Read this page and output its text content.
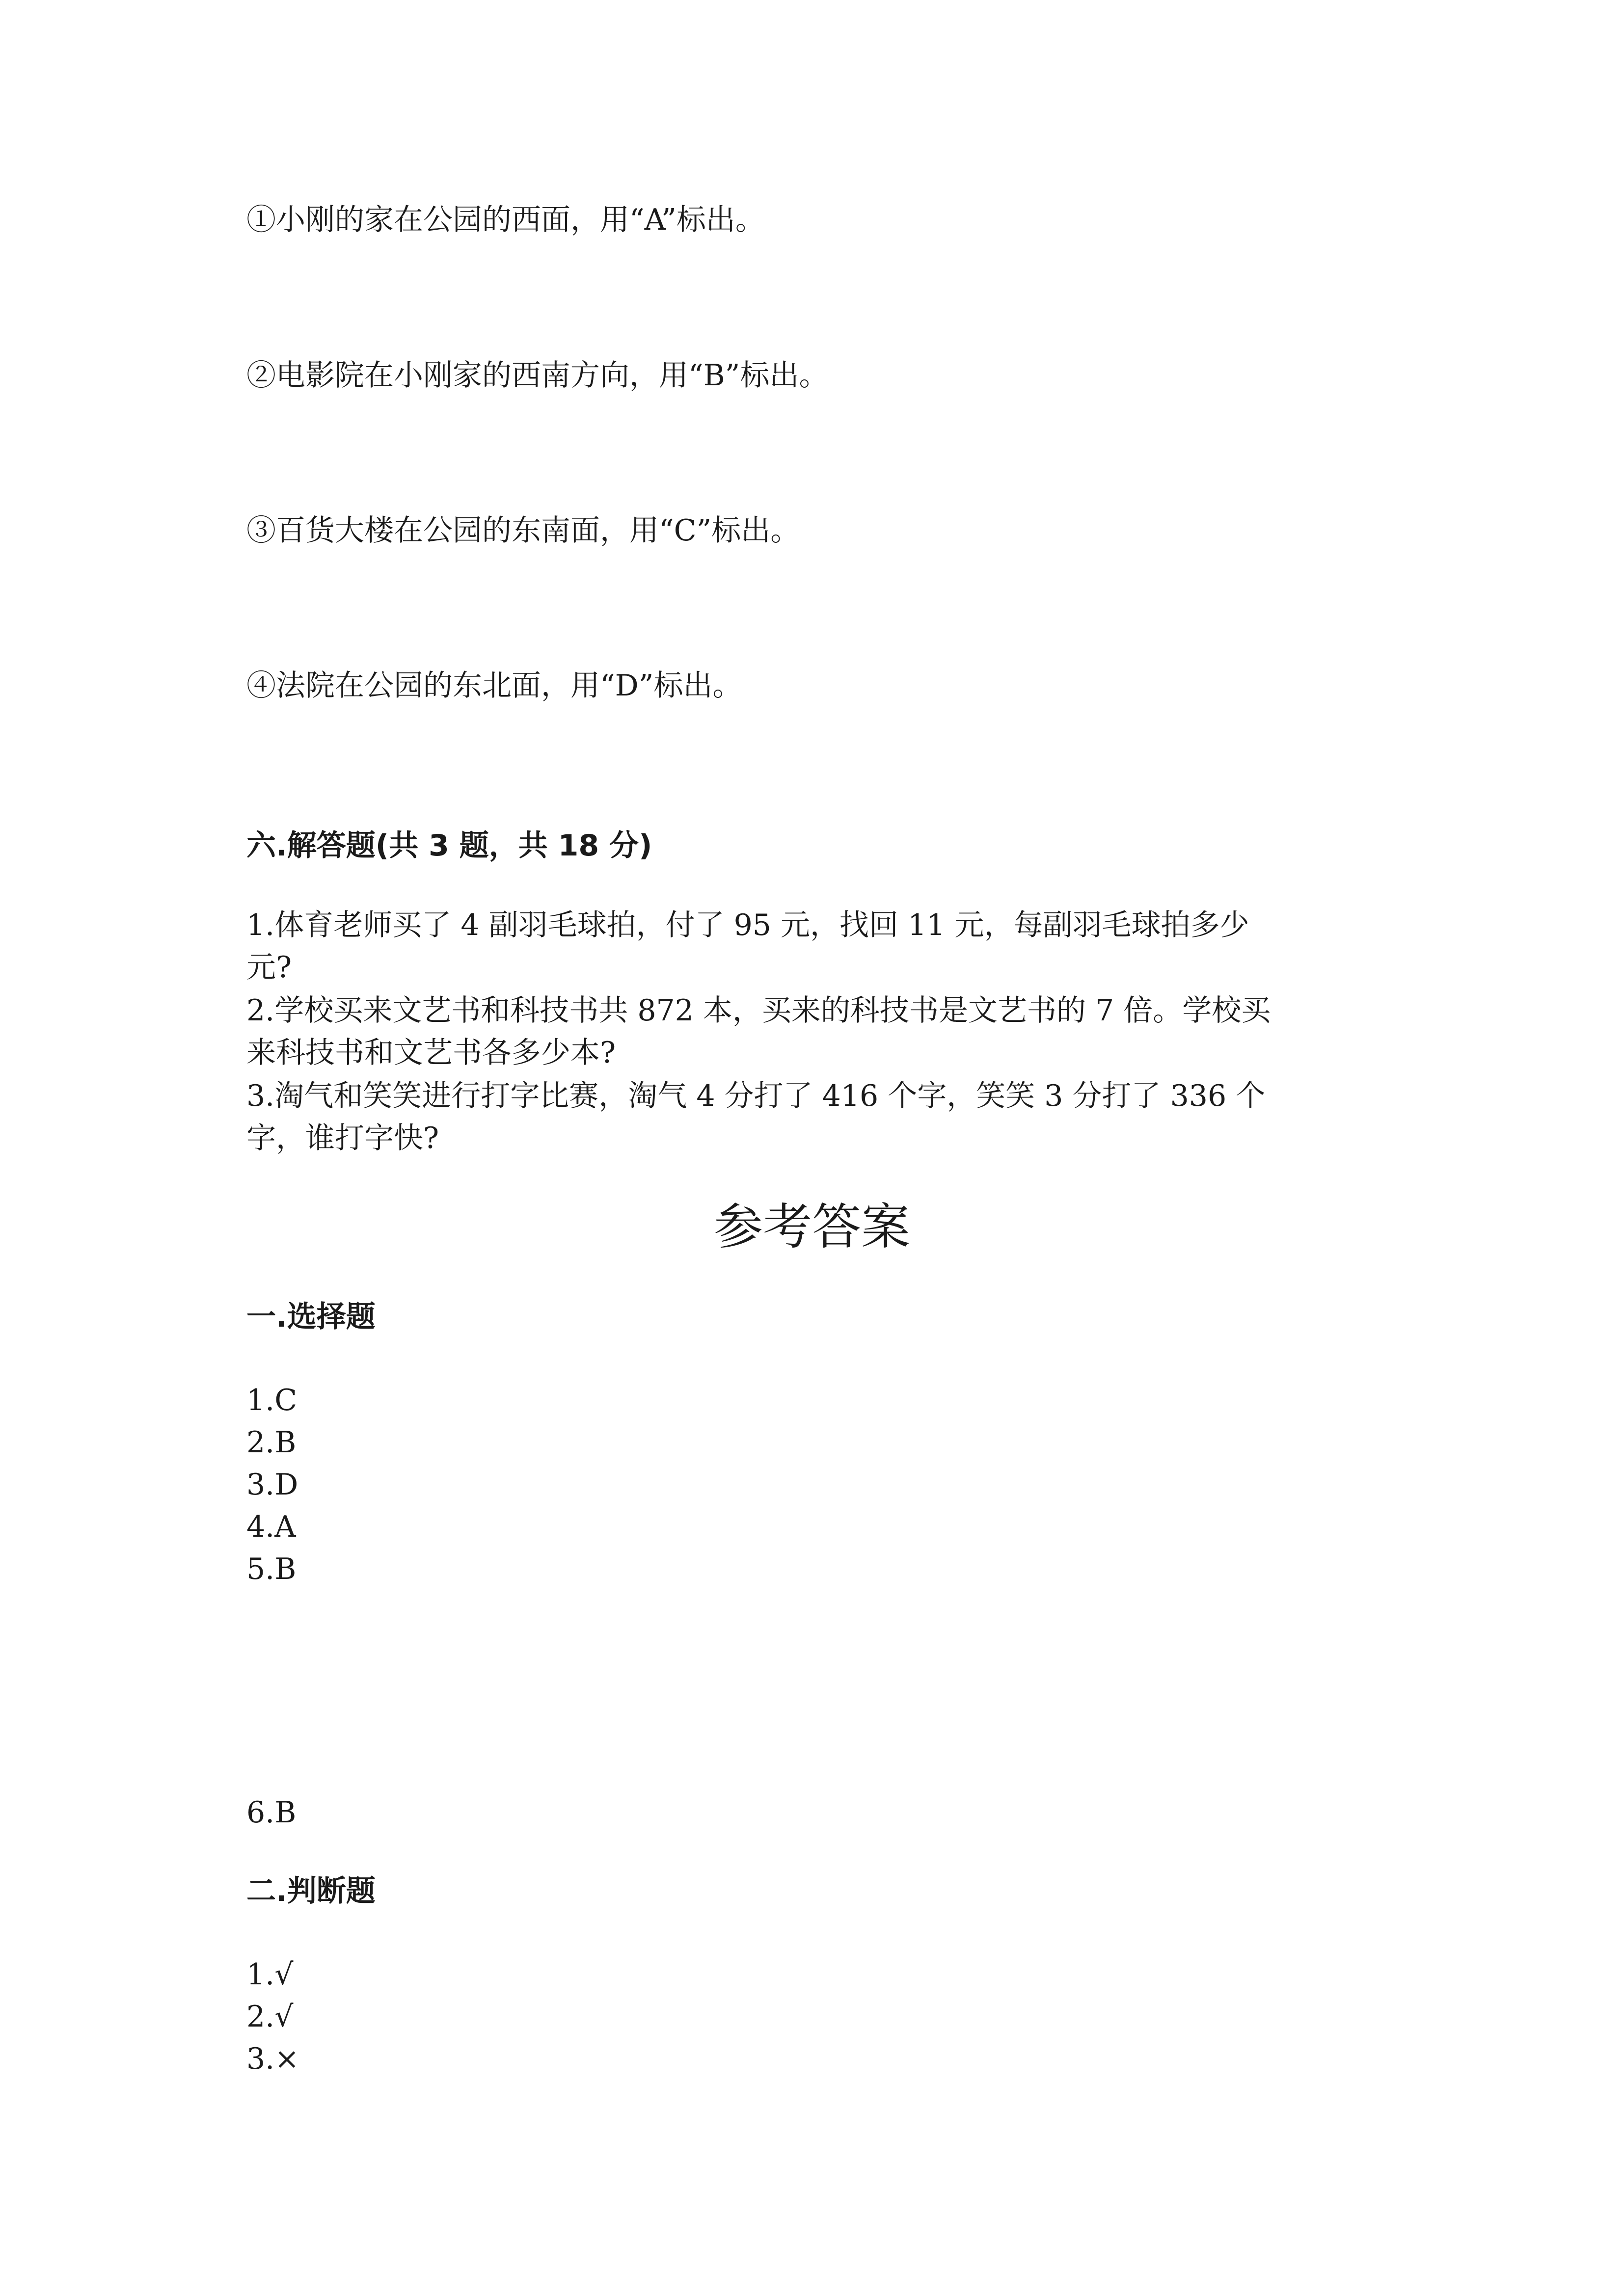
①小刚的家在公园的西面，用“A”标出。

②电影院在小刚家的西南方向，用“B”标出。

③百货大楼在公园的东南面，用“C”标出。

④法院在公园的东北面，用“D”标出。

六.解答题(共 3 题，共 18 分)

1.体育老师买了 4 副羽毛球拍，付了 95 元，找回 11 元，每副羽毛球拍多少

元?

2.学校买来文艺书和科技书共 872 本，买来的科技书是文艺书的 7 倍。学校买

来科技书和文艺书各多少本?

3.淘气和笑笑进行打字比赛，淘气 4 分打了 416 个字，笑笑 3 分打了 336 个

字，谁打字快?

参考答案
一.选择题

1.C

2.B

3.D

4.A

5.B

6.B

二.判断题

1.√

2.√

3.×
